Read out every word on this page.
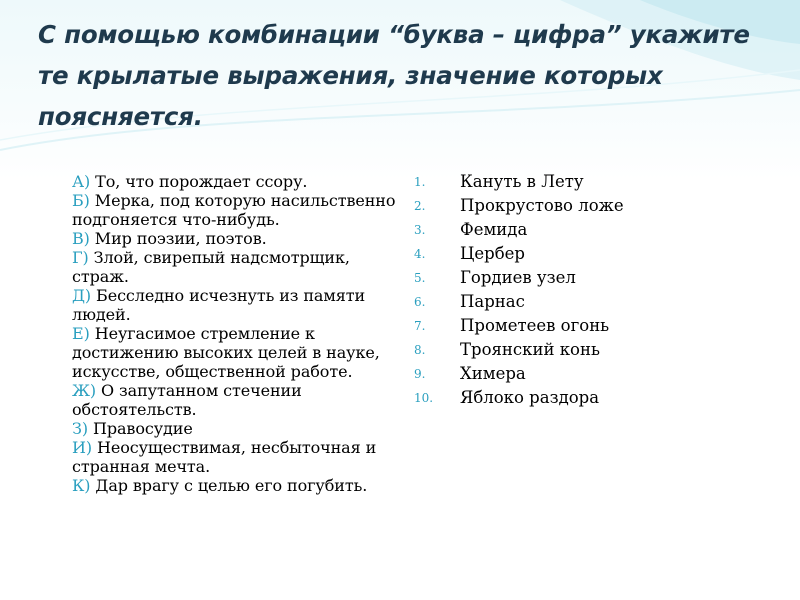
С помощью комбинации “буква – цифра” укажите те крылатые выражения, значение которых поясняется.

А) То, что порождает ссору.

Б) Мерка, под которую насильственно подгоняется что-нибудь.

В) Мир поэзии, поэтов.

Г) Злой, свирепый надсмотрщик, страж.

Д) Бесследно исчезнуть из памяти людей.

Е) Неугасимое стремление к достижению высоких целей в науке, искусстве, общественной работе.

Ж) О запутанном стечении обстоятельств.

З) Правосудие

И) Неосуществимая, несбыточная и странная мечта.

К) Дар врагу с целью его погубить.

1.	Кануть в Лету
2.	Прокрустово ложе
3.	Фемида
4.	Цербер
5.	Гордиев узел
6.	Парнас
7.	Прометеев огонь
8.	Троянский конь
9.	Химера
10.	Яблоко раздора
